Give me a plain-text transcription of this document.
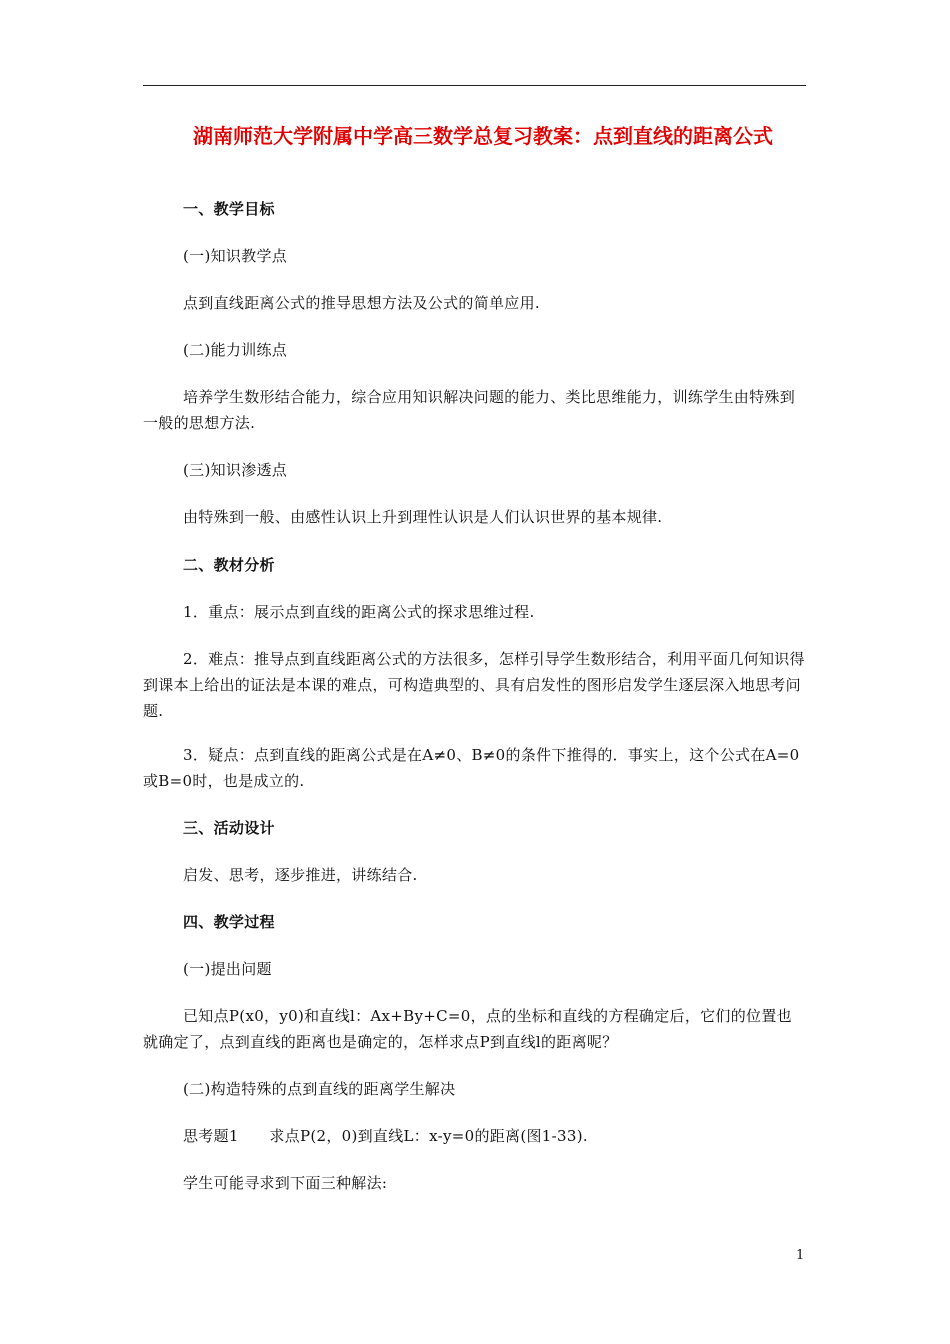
湖南师范大学附属中学高三数学总复习教案：点到直线的距离公式
一、教学目标
(一)知识教学点
点到直线距离公式的推导思想方法及公式的简单应用.
(二)能力训练点
培养学生数形结合能力，综合应用知识解决问题的能力、类比思维能力，训练学生由特殊到一般的思想方法.
(三)知识渗透点
由特殊到一般、由感性认识上升到理性认识是人们认识世界的基本规律.
二、教材分析
1．重点：展示点到直线的距离公式的探求思维过程.
2．难点：推导点到直线距离公式的方法很多，怎样引导学生数形结合，利用平面几何知识得到课本上给出的证法是本课的难点，可构造典型的、具有启发性的图形启发学生逐层深入地思考问题.
3．疑点：点到直线的距离公式是在A≠0、B≠0的条件下推得的．事实上，这个公式在A=0或B=0时，也是成立的.
三、活动设计
启发、思考，逐步推进，讲练结合.
四、教学过程
(一)提出问题
已知点P(x0，y0)和直线l：Ax+By+C=0，点的坐标和直线的方程确定后，它们的位置也就确定了，点到直线的距离也是确定的，怎样求点P到直线l的距离呢？
(二)构造特殊的点到直线的距离学生解决
思考题1　　求点P(2，0)到直线L：x-y=0的距离(图1-33).
学生可能寻求到下面三种解法:
1
